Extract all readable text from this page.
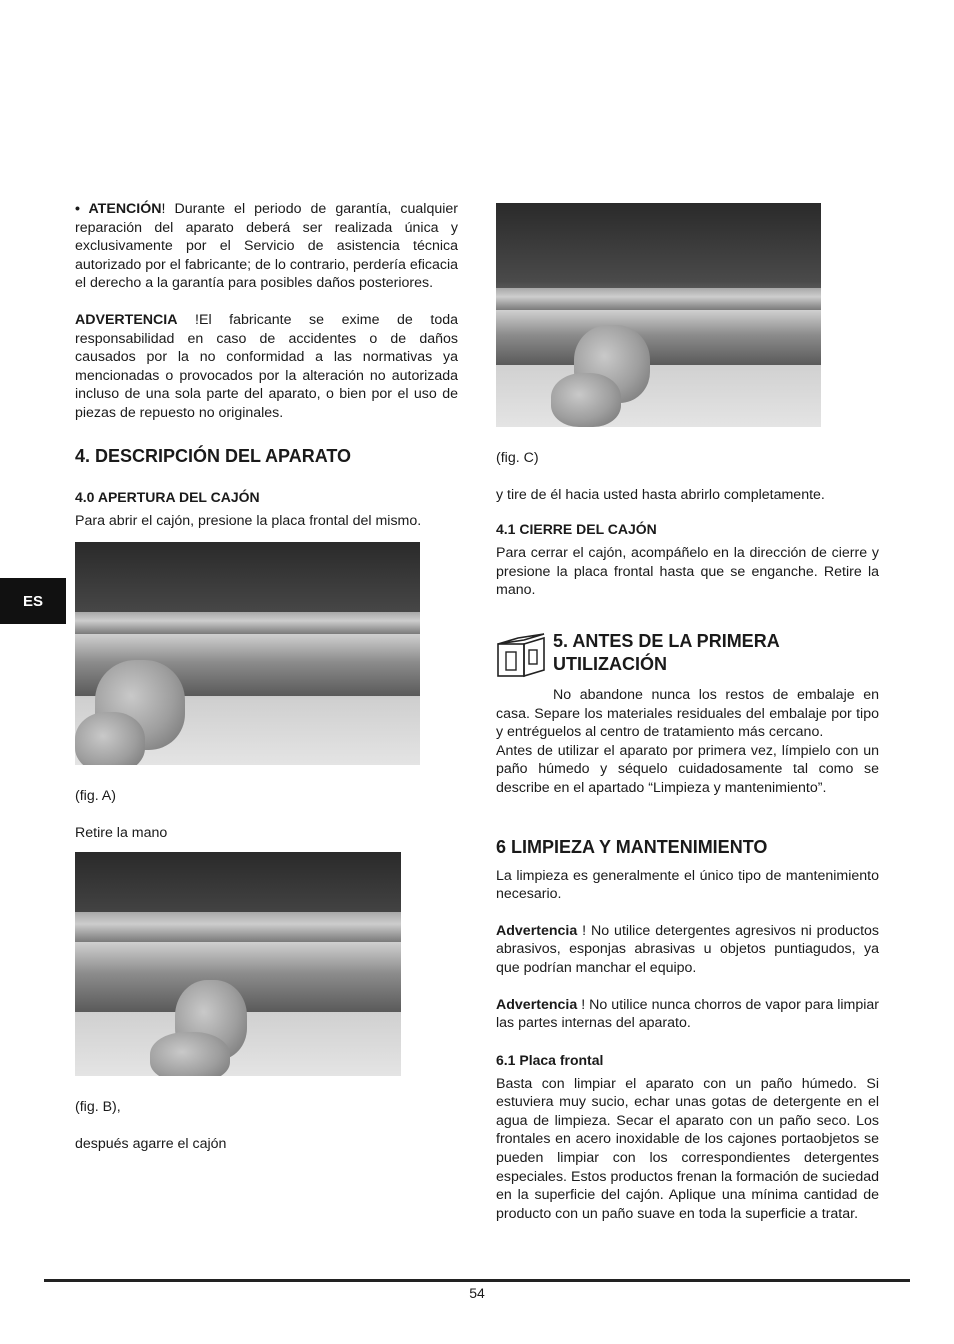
ES

• ATENCIÓN! Durante el periodo de garantía, cualquier reparación del aparato deberá ser realizada única y exclusivamente por el Servicio de asistencia técnica autorizado por el fabricante; de lo contrario, perdería eficacia el derecho a la garantía para posibles daños posteriores.

ADVERTENCIA !El fabricante se exime de toda responsabilidad en caso de accidentes o de daños causados por la no conformidad a las normativas ya mencionadas o provocados por la alteración no autorizada incluso de una sola parte del aparato, o bien por el uso de piezas de repuesto no originales.

4. DESCRIPCIÓN DEL APARATO
4.0 APERTURA DEL CAJÓN

Para abrir el cajón, presione la placa frontal del mismo.

(fig. A)

Retire la mano

(fig. B),

después agarre el cajón

(fig. C)

y tire de él hacia usted hasta abrirlo completamente.

4.1 CIERRE DEL CAJÓN

Para cerrar el cajón, acompáñelo en la dirección de cierre y presione la placa frontal hasta que se enganche. Retire la mano.

5. ANTES DE LA PRIMERA UTILIZACIÓN

No abandone nunca los restos de embalaje en casa. Separe los materiales residuales del embalaje por tipo y entréguelos al centro de tratamiento más cercano.

Antes de utilizar el aparato por primera vez, límpielo con un paño húmedo y séquelo cuidadosamente tal como se describe en el apartado “Limpieza y mantenimiento”.

6 LIMPIEZA Y MANTENIMIENTO

La limpieza es generalmente el único tipo de mantenimiento necesario.

Advertencia ! No utilice detergentes agresivos ni productos abrasivos, esponjas abrasivas u objetos puntiagudos, ya que podrían manchar el equipo.

Advertencia ! No utilice nunca chorros de vapor para limpiar las partes internas del aparato.

6.1 Placa frontal

Basta con limpiar el aparato con un paño húmedo. Si estuviera muy sucio, echar unas gotas de detergente en el agua de limpieza. Secar el aparato con un paño seco. Los frontales en acero inoxidable de los cajones portaobjetos se pueden limpiar con los correspondientes detergentes especiales. Estos productos frenan la formación de suciedad en la superficie del cajón. Aplique una mínima cantidad de producto con un paño suave en toda la superficie a tratar.

54
